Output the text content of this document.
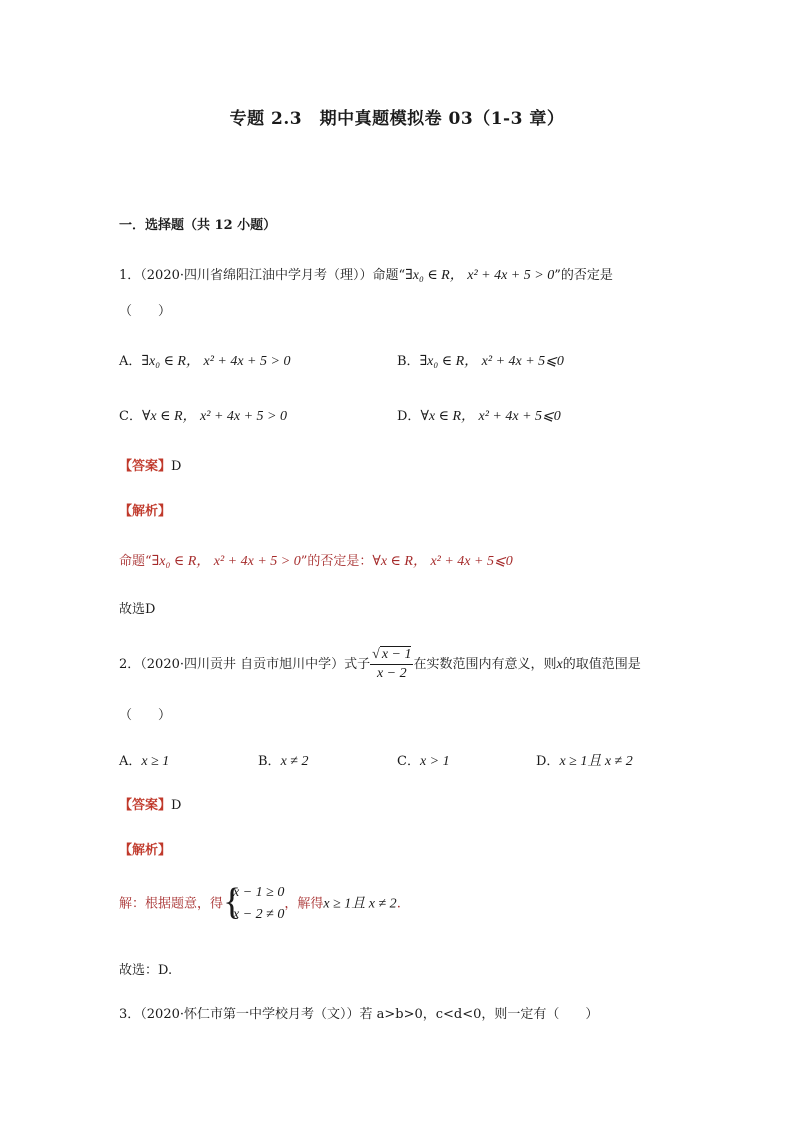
专题 2.3　期中真题模拟卷 03（1-3 章）
一．选择题（共 12 小题）
1．（2020·四川省绵阳江油中学月考（理））命题“∃x₀ ∈ R， x² + 4x + 5 > 0”的否定是
（　　）
A．∃x₀ ∈ R， x² + 4x + 5 > 0	B．∃x₀ ∈ R， x² + 4x + 5⩽0
C．∀x ∈ R， x² + 4x + 5 > 0	D．∀x ∈ R， x² + 4x + 5⩽0
【答案】D
【解析】
命题“∃x₀ ∈ R， x² + 4x + 5 > 0”的否定是：∀x ∈ R， x² + 4x + 5⩽0
故选D
2．（2020·四川贡井 自贡市旭川中学）式子 $\frac{√ x - 1}{x - 2}$ 在实数范围内有意义，则x的取值范围是
（　　）
A．x ≥ 1	B．x ≠ 2	C．x > 1	D．x ≥ 1且 x ≠ 2
【答案】D
【解析】
解：根据题意，得 {
x − 1 ≥ 0
x − 2 ≠ 0
，解得x ≥ 1且 x ≠ 2.
故选：D.
3．（2020·怀仁市第一中学校月考（文））若 a>b>0，c<d<0，则一定有（　　）
